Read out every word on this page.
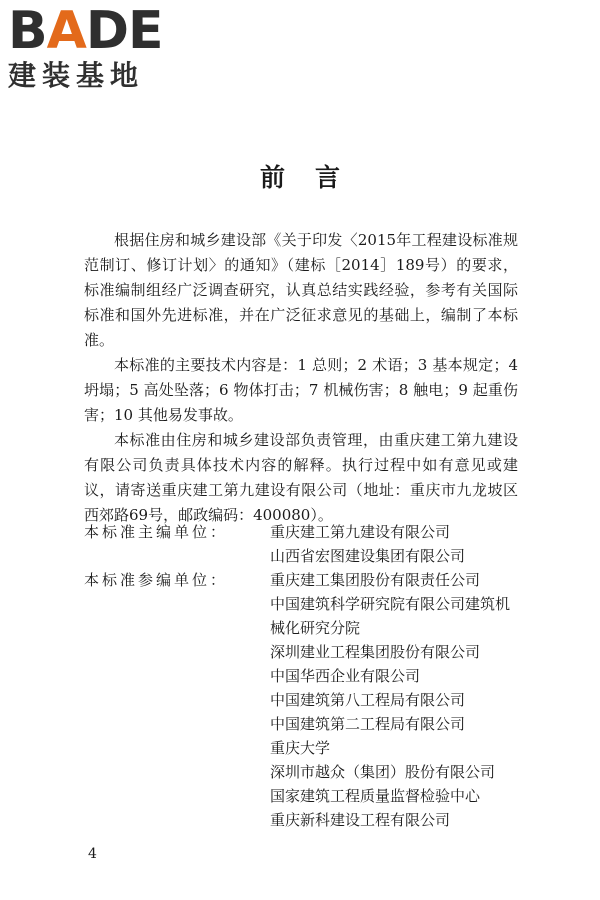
BADE
建装基地
前言

根据住房和城乡建设部《关于印发〈2015年工程建设标准规范制订、修订计划〉的通知》（建标［2014］189号）的要求，标准编制组经广泛调查研究，认真总结实践经验，参考有关国际标准和国外先进标准，并在广泛征求意见的基础上，编制了本标准。

本标准的主要技术内容是：1 总则；2 术语；3 基本规定；4 坍塌；5 高处坠落；6 物体打击；7 机械伤害；8 触电；9 起重伤害；10 其他易发事故。

本标准由住房和城乡建设部负责管理，由重庆建工第九建设有限公司负责具体技术内容的解释。执行过程中如有意见或建议，请寄送重庆建工第九建设有限公司（地址：重庆市九龙坡区西郊路69号，邮政编码：400080）。

本标准主编单位：	重庆建工第九建设有限公司
山西省宏图建设集团有限公司
本标准参编单位：	重庆建工集团股份有限责任公司
中国建筑科学研究院有限公司建筑机
械化研究分院
深圳建业工程集团股份有限公司
中国华西企业有限公司
中国建筑第八工程局有限公司
中国建筑第二工程局有限公司
重庆大学
深圳市越众（集团）股份有限公司
国家建筑工程质量监督检验中心
重庆新科建设工程有限公司
4
